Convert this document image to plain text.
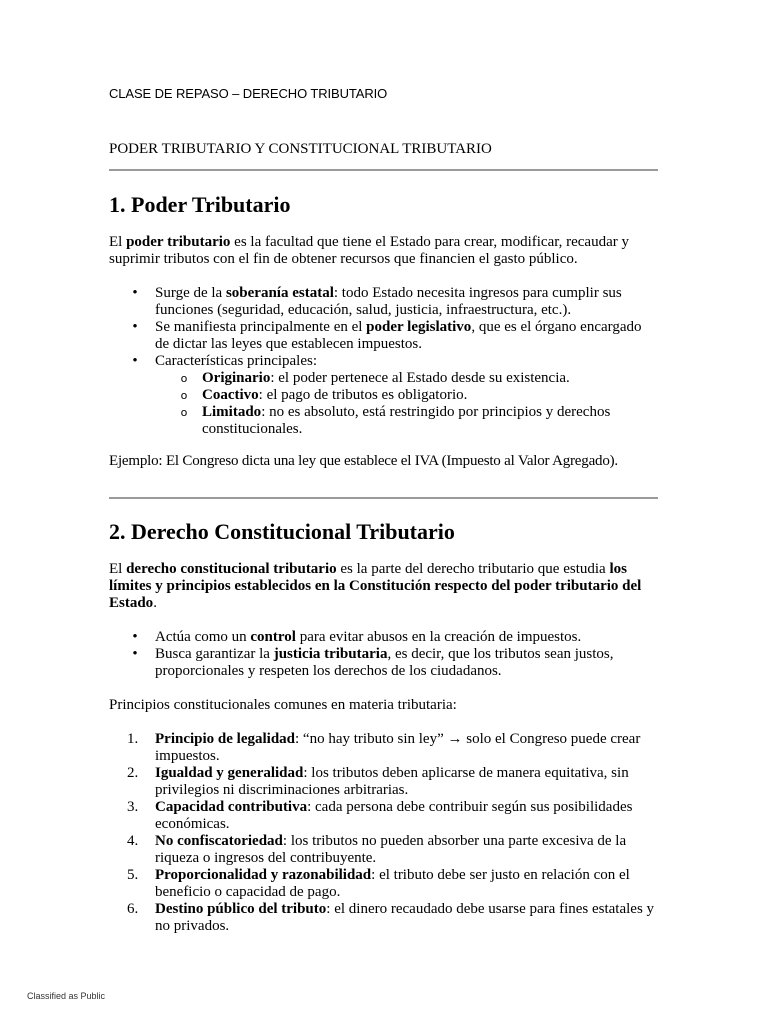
CLASE DE REPASO – DERECHO TRIBUTARIO
PODER TRIBUTARIO Y CONSTITUCIONAL TRIBUTARIO
1. Poder Tributario

El poder tributario es la facultad que tiene el Estado para crear, modificar, recaudar y suprimir tributos con el fin de obtener recursos que financien el gasto público.

• Surge de la soberanía estatal: todo Estado necesita ingresos para cumplir sus funciones (seguridad, educación, salud, justicia, infraestructura, etc.).
• Se manifiesta principalmente en el poder legislativo, que es el órgano encargado de dictar las leyes que establecen impuestos.
• Características principales:
o Originario: el poder pertenece al Estado desde su existencia.
o Coactivo: el pago de tributos es obligatorio.
o Limitado: no es absoluto, está restringido por principios y derechos constitucionales.

Ejemplo: El Congreso dicta una ley que establece el IVA (Impuesto al Valor Agregado).

2. Derecho Constitucional Tributario

El derecho constitucional tributario es la parte del derecho tributario que estudia los límites y principios establecidos en la Constitución respecto del poder tributario del Estado.

• Actúa como un control para evitar abusos en la creación de impuestos.
• Busca garantizar la justicia tributaria, es decir, que los tributos sean justos, proporcionales y respeten los derechos de los ciudadanos.

Principios constitucionales comunes en materia tributaria:

1.	Principio de legalidad: “no hay tributo sin ley” → solo el Congreso puede crear impuestos.
2.	Igualdad y generalidad: los tributos deben aplicarse de manera equitativa, sin privilegios ni discriminaciones arbitrarias.
3.	Capacidad contributiva: cada persona debe contribuir según sus posibilidades económicas.
4.	No confiscatoriedad: los tributos no pueden absorber una parte excesiva de la riqueza o ingresos del contribuyente.
5.	Proporcionalidad y razonabilidad: el tributo debe ser justo en relación con el beneficio o capacidad de pago.
6.	Destino público del tributo: el dinero recaudado debe usarse para fines estatales y no privados.
Classified as Public
